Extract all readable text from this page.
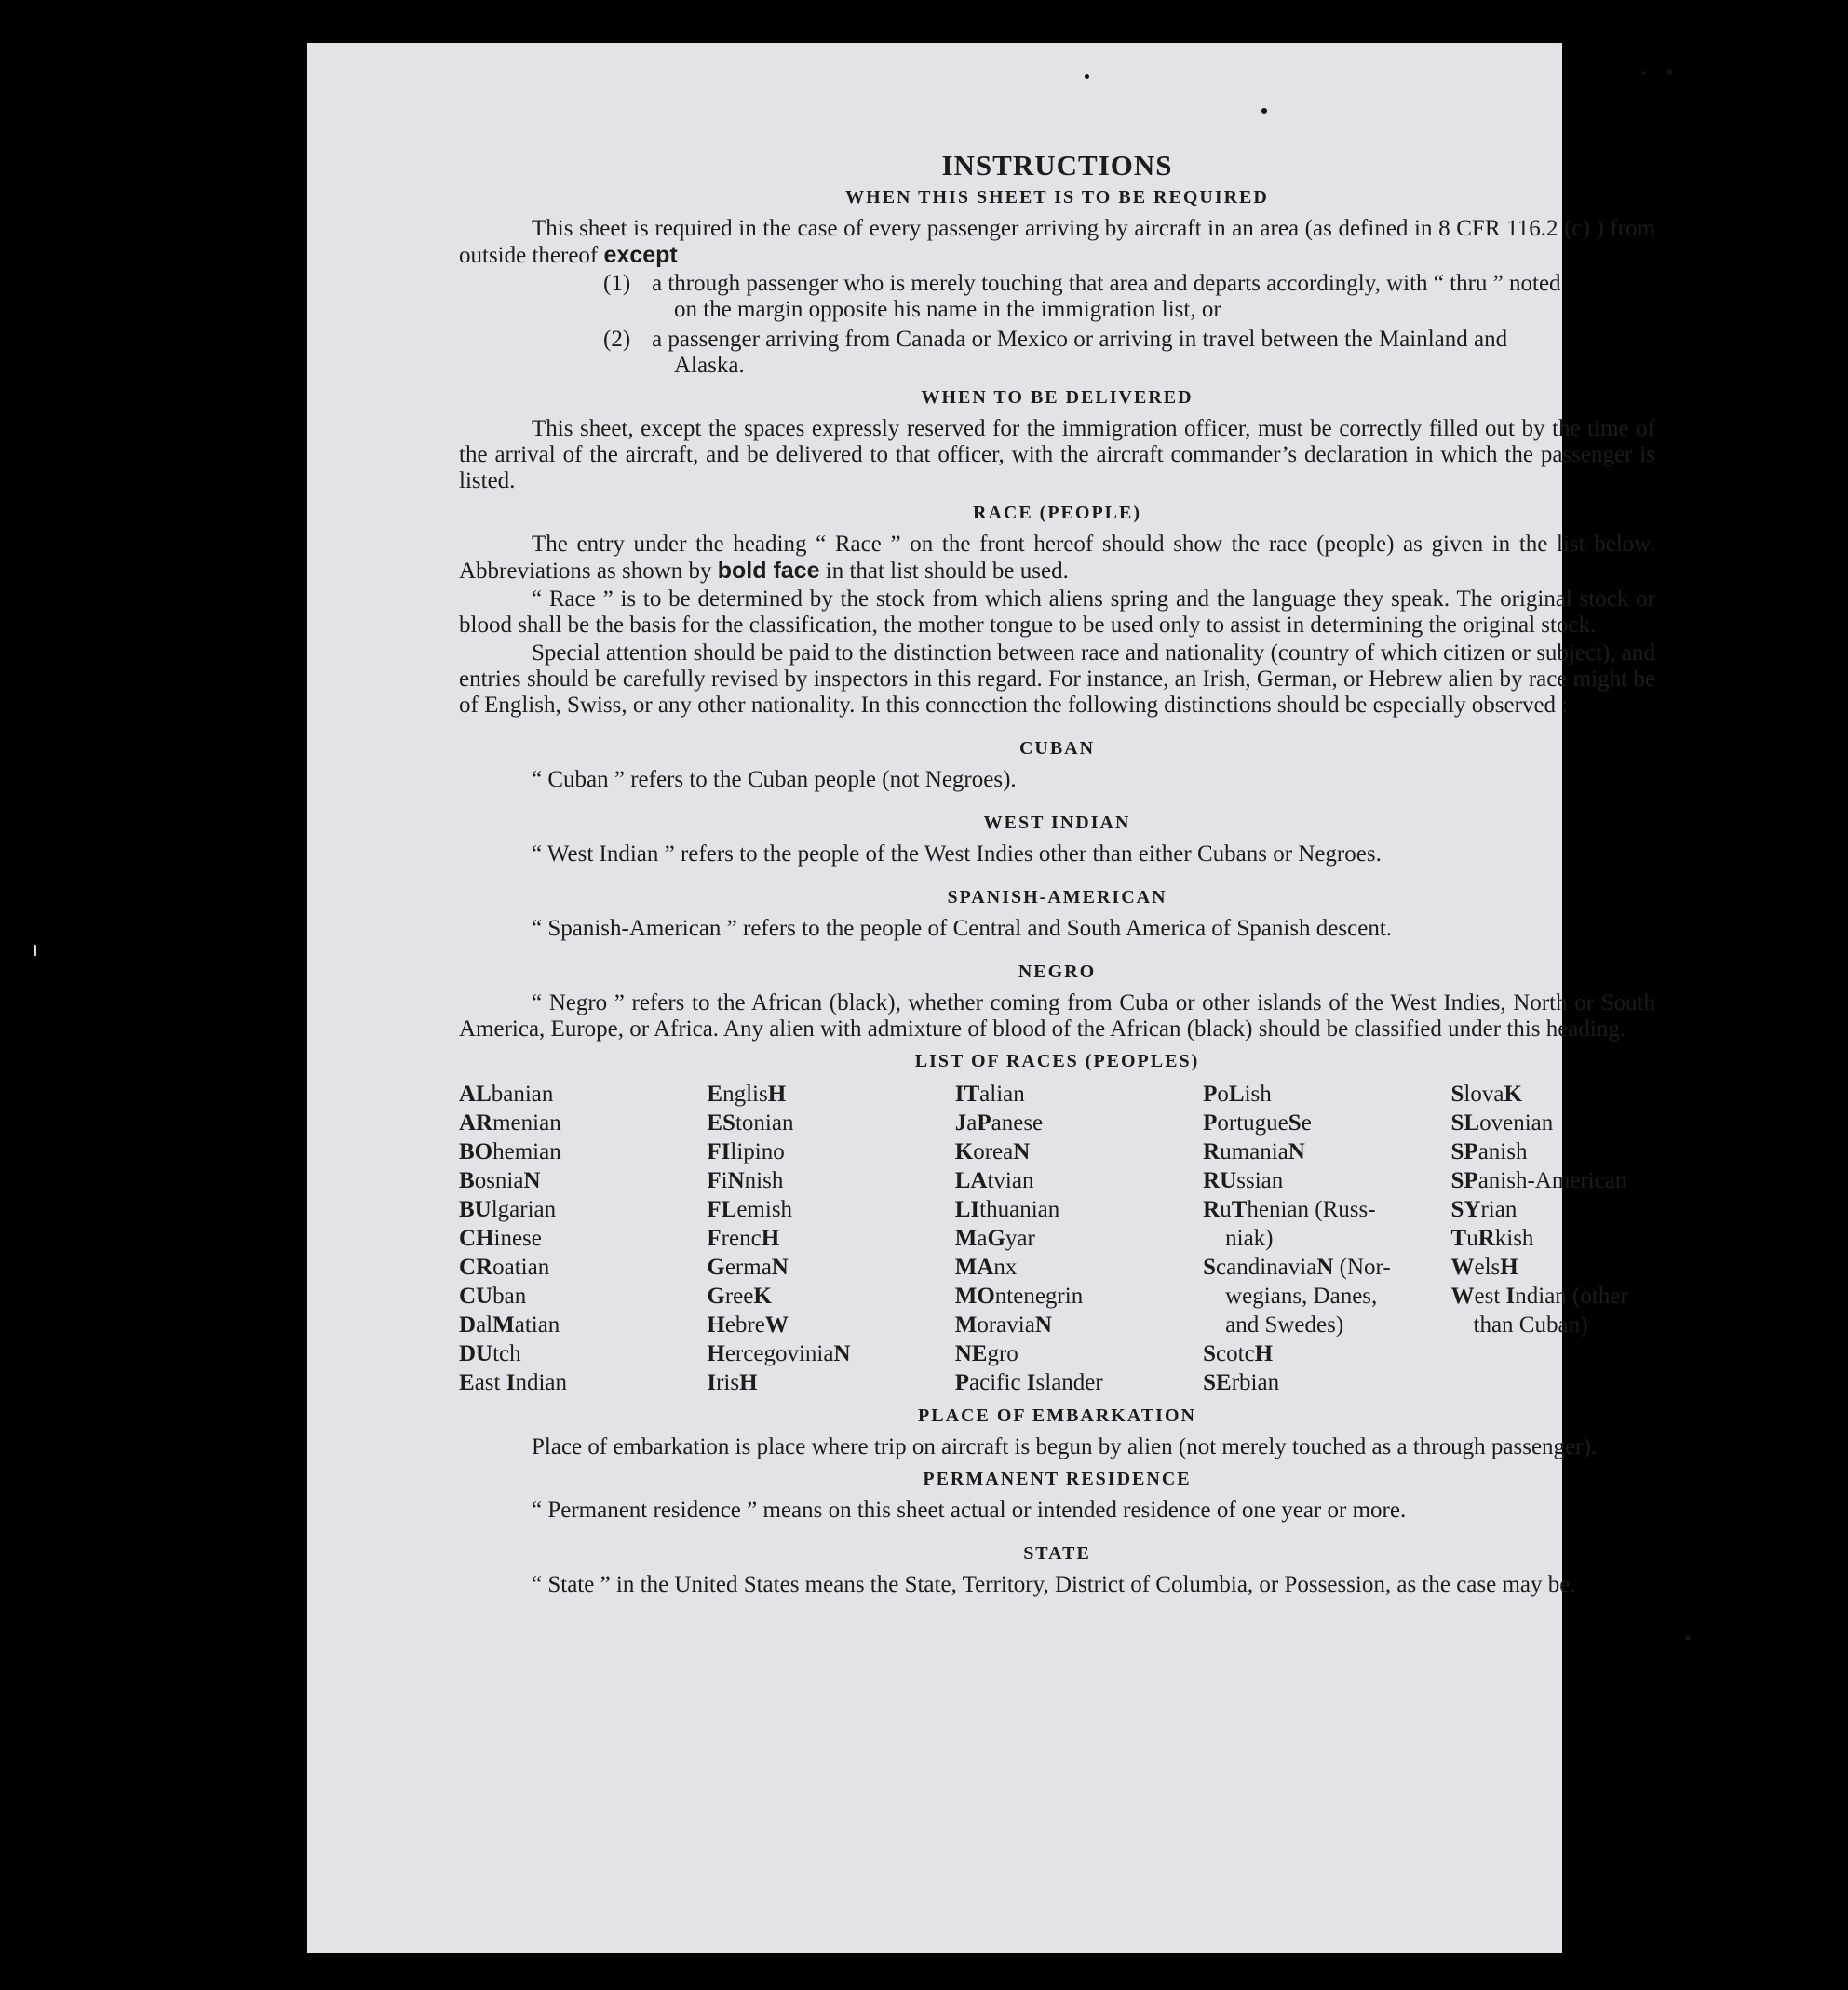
INSTRUCTIONS
WHEN THIS SHEET IS TO BE REQUIRED
This sheet is required in the case of every passenger arriving by aircraft in an area (as defined in 8 CFR 116.2 (c) ) from outside thereof except
(1) a through passenger who is merely touching that area and departs accordingly, with “ thru ” noted
on the margin opposite his name in the immigration list, or
(2) a passenger arriving from Canada or Mexico or arriving in travel between the Mainland and
Alaska.
WHEN TO BE DELIVERED
This sheet, except the spaces expressly reserved for the immigration officer, must be correctly filled out by the time of the arrival of the aircraft, and be delivered to that officer, with the aircraft commander’s declaration in which the passenger is listed.
RACE (PEOPLE)
The entry under the heading “ Race ” on the front hereof should show the race (people) as given in the list below. Abbreviations as shown by bold face in that list should be used.
“ Race ” is to be determined by the stock from which aliens spring and the language they speak. The original stock or blood shall be the basis for the classification, the mother tongue to be used only to assist in determining the original stock.
Special attention should be paid to the distinction between race and nationality (country of which citizen or subject), and entries should be carefully revised by inspectors in this regard. For instance, an Irish, German, or Hebrew alien by race might be of English, Swiss, or any other nationality. In this connection the following distinctions should be especially observed :
CUBAN
“ Cuban ” refers to the Cuban people (not Negroes).
WEST INDIAN
“ West Indian ” refers to the people of the West Indies other than either Cubans or Negroes.
SPANISH-AMERICAN
“ Spanish-American ” refers to the people of Central and South America of Spanish descent.
NEGRO
“ Negro ” refers to the African (black), whether coming from Cuba or other islands of the West Indies, North or South America, Europe, or Africa. Any alien with admixture of blood of the African (black) should be classified under this heading.
LIST OF RACES (PEOPLES)
ALbanian
ARmenian
BOhemian
BosniaN
BUlgarian
CHinese
CRoatian
CUban
DalMatian
DUtch
East Indian
EnglisH
EStonian
FIlipino
FiNnish
FLemish
FrencH
GermaN
GreeK
HebreW
HercegoviniaN
IrisH
ITalian
JaPanese
KoreaN
LAtvian
LIthuanian
MaGyar
MAnx
MOntenegrin
MoraviaN
NEgro
Pacific Islander
PoLish
PortugueSe
RumaniaN
RUssian
RuThenian (Russ-
niak)
ScandinaviaN (Nor-
wegians, Danes,
and Swedes)
ScotcH
SErbian
SlovaK
SLovenian
SPanish
SPanish-American
SYrian
TuRkish
WelsH
West Indian (other
than Cuban)
PLACE OF EMBARKATION
Place of embarkation is place where trip on aircraft is begun by alien (not merely touched as a through passenger).
PERMANENT RESIDENCE
“ Permanent residence ” means on this sheet actual or intended residence of one year or more.
STATE
“ State ” in the United States means the State, Territory, District of Columbia, or Possession, as the case may be.
